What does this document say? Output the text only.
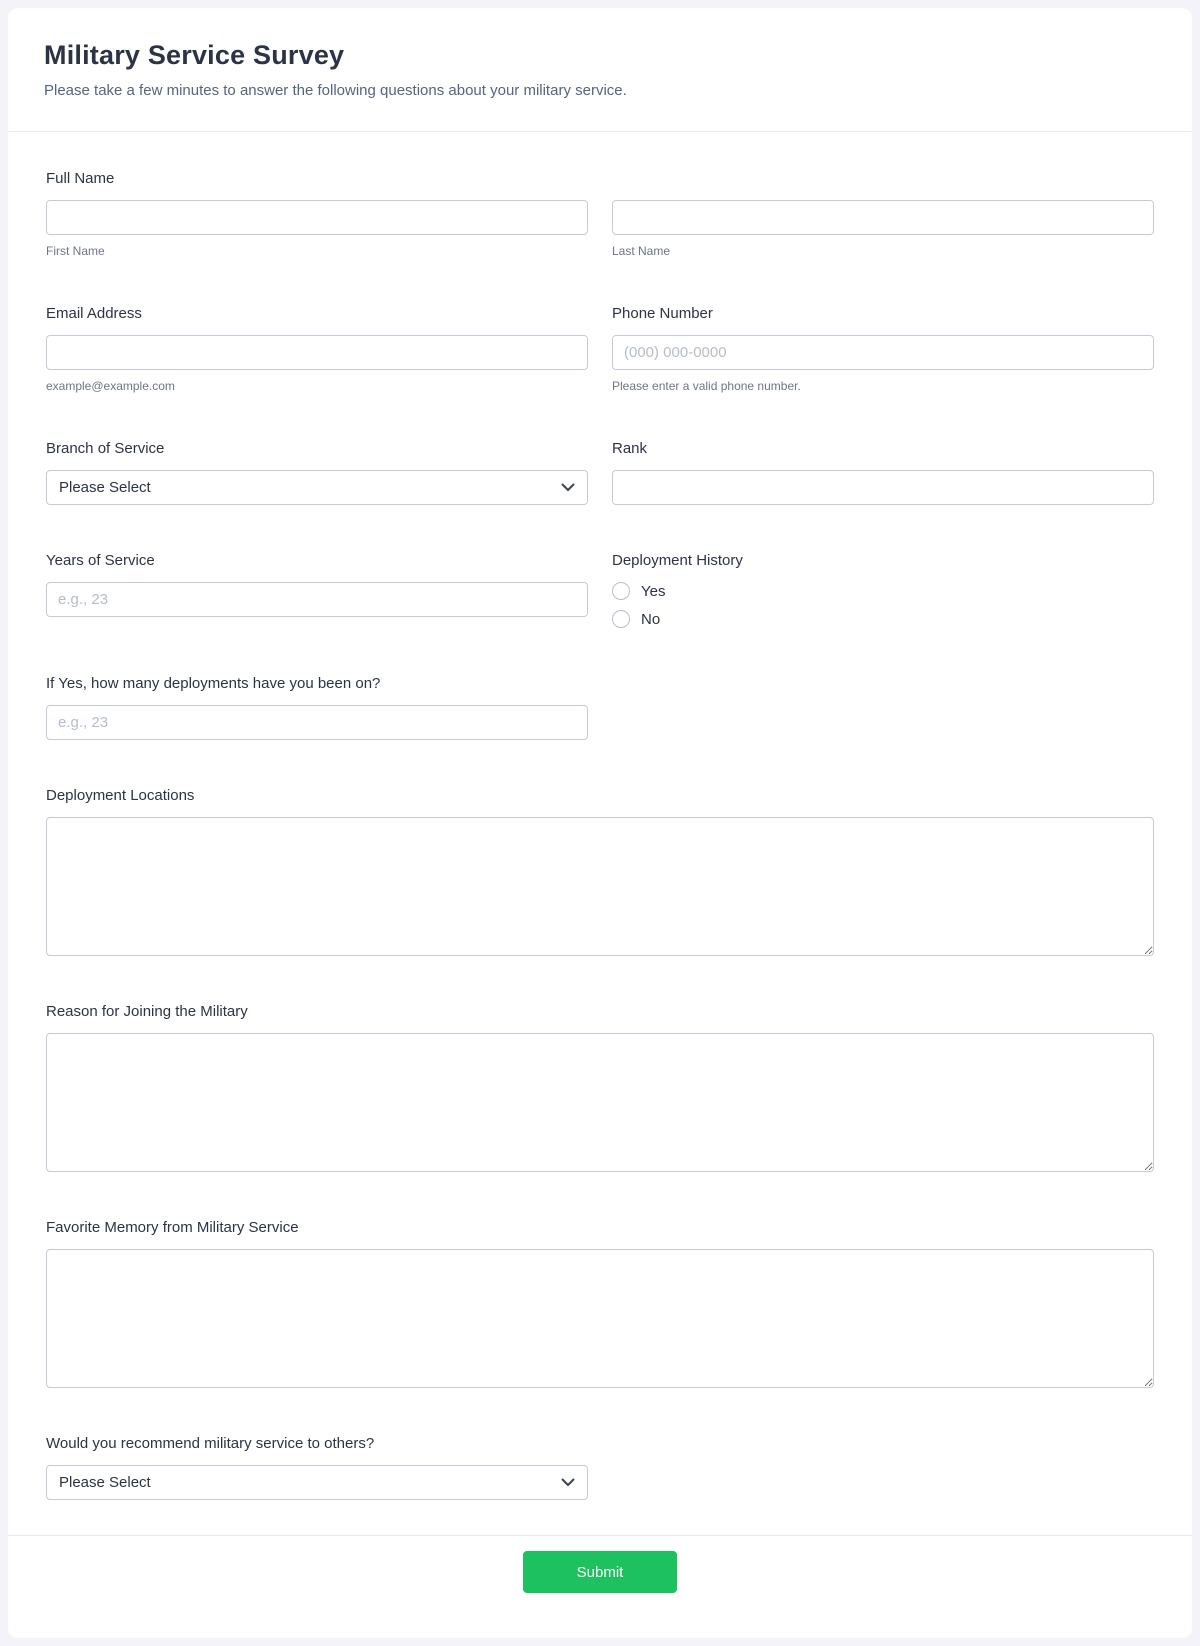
Military Service Survey
Please take a few minutes to answer the following questions about your military service.
Full Name
First Name	Last Name
Email Address
example@example.com
Phone Number
(000) 000-0000
Please enter a valid phone number.
Branch of Service
Please Select
Rank
Years of Service
e.g., 23	Deployment History
Yes
No
If Yes, how many deployments have you been on?
e.g., 23
Deployment Locations
Reason for Joining the Military
Favorite Memory from Military Service
Would you recommend military service to others?
Please Select
Submit
